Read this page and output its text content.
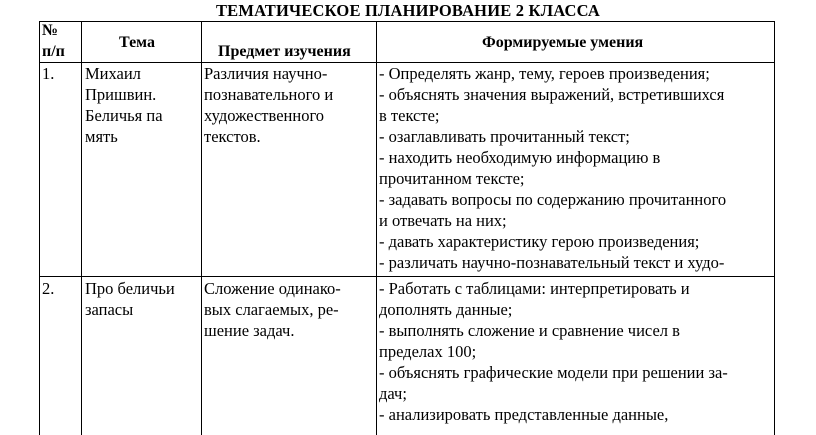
ТЕМАТИЧЕСКОЕ ПЛАНИРОВАНИЕ 2 КЛАССА
№
п/п
Тема
Предмет изучения
Формируемые умения
1. Михаил
Пришвин.
Беличья па
мять
Различия научно-
познавательного и
художественного
текстов.
- Определять жанр, тему, героев произведения;
- объяснять значения выражений, встретившихся
в тексте;
- озаглавливать прочитанный текст;
- находить необходимую информацию в
прочитанном тексте;
- задавать вопросы по содержанию прочитанного
и отвечать на них;
- давать характеристику герою произведения;
- различать научно-познавательный текст и худо-
2. Про беличьи
запасы
Сложение одинако-
вых слагаемых, ре-
шение задач.
- Работать с таблицами: интерпретировать и
дополнять данные;
- выполнять сложение и сравнение чисел в
пределах 100;
- объяснять графические модели при решении за-
дач;
- анализировать представленные данные,
